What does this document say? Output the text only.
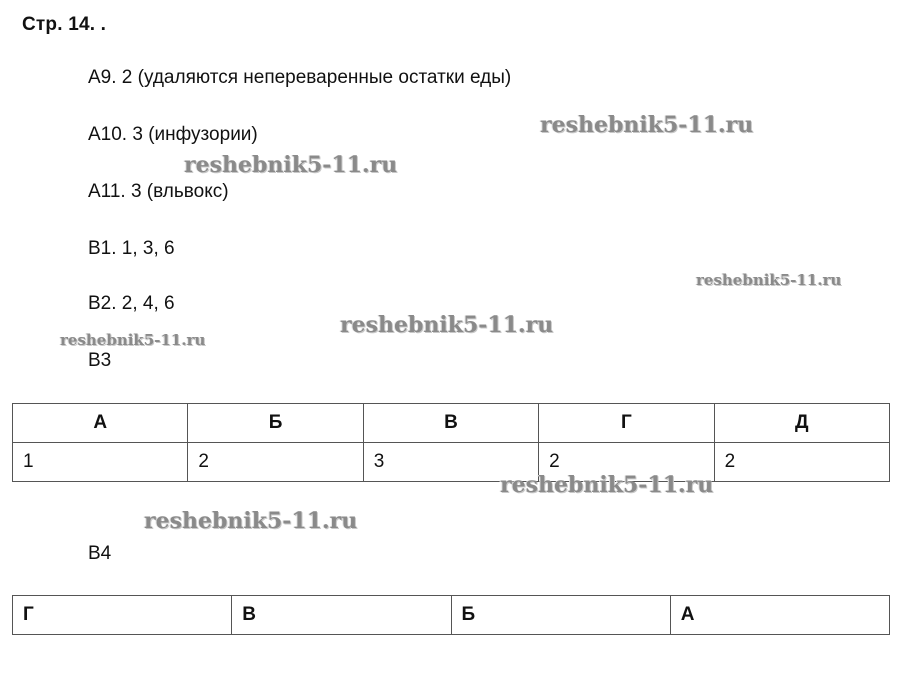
Стр. 14. .
А9. 2 (удаляются непереваренные остатки еды)
А10. 3 (инфузории)
А11. 3 (вльвокс)
В1. 1, 3, 6
В2. 2, 4, 6
В3
В4
А	Б	В	Г	Д
1	2	3	2	2
Г	В	Б	А
reshebnik5-11.ru
reshebnik5-11.ru
reshebnik5-11.ru
reshebnik5-11.ru
reshebnik5-11.ru
reshebnik5-11.ru
reshebnik5-11.ru
